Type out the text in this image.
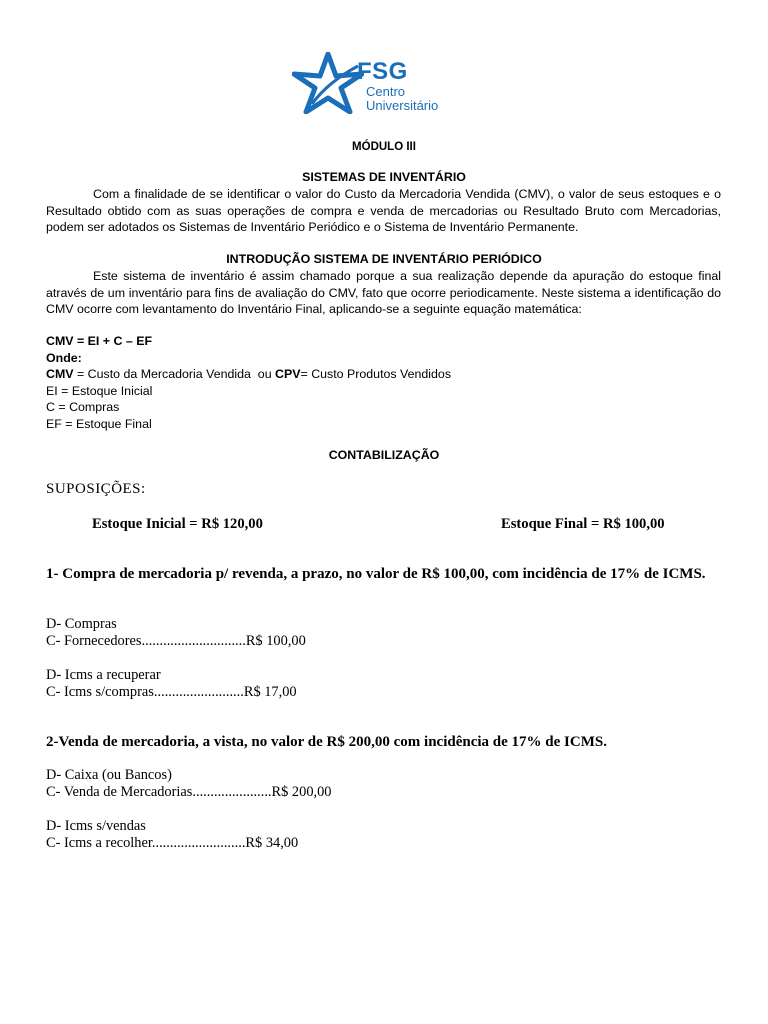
FSG
Centro
Universitário
MÓDULO III
SISTEMAS DE INVENTÁRIO
Com a finalidade de se identificar o valor do Custo da Mercadoria Vendida (CMV), o valor de seus estoques e o Resultado obtido com as suas operações de compra e venda de mercadorias ou Resultado Bruto com Mercadorias, podem ser adotados os Sistemas de Inventário Periódico e o Sistema de Inventário Permanente.
INTRODUÇÃO SISTEMA DE INVENTÁRIO PERIÓDICO
Este sistema de inventário é assim chamado porque a sua realização depende da apuração do estoque final através de um inventário para fins de avaliação do CMV, fato que ocorre periodicamente. Neste sistema a identificação do CMV ocorre com levantamento do Inventário Final, aplicando-se a seguinte equação matemática:
CMV = EI + C – EF
Onde:
CMV = Custo da Mercadoria Vendida  ou CPV= Custo Produtos Vendidos
EI = Estoque Inicial
C = Compras
EF = Estoque Final
CONTABILIZAÇÃO
SUPOSIÇÕES:
Estoque Inicial = R$ 120,00	Estoque Final = R$ 100,00
1- Compra de mercadoria p/ revenda, a prazo, no valor de R$ 100,00, com incidência de 17% de ICMS.
D- Compras
C- Fornecedores.............................R$ 100,00
D- Icms a recuperar
C- Icms s/compras.........................R$ 17,00
2-Venda de mercadoria, a vista, no valor de R$ 200,00 com incidência de 17% de ICMS.
D- Caixa (ou Bancos)
C- Venda de Mercadorias......................R$ 200,00
D- Icms s/vendas
C- Icms a recolher..........................R$ 34,00
